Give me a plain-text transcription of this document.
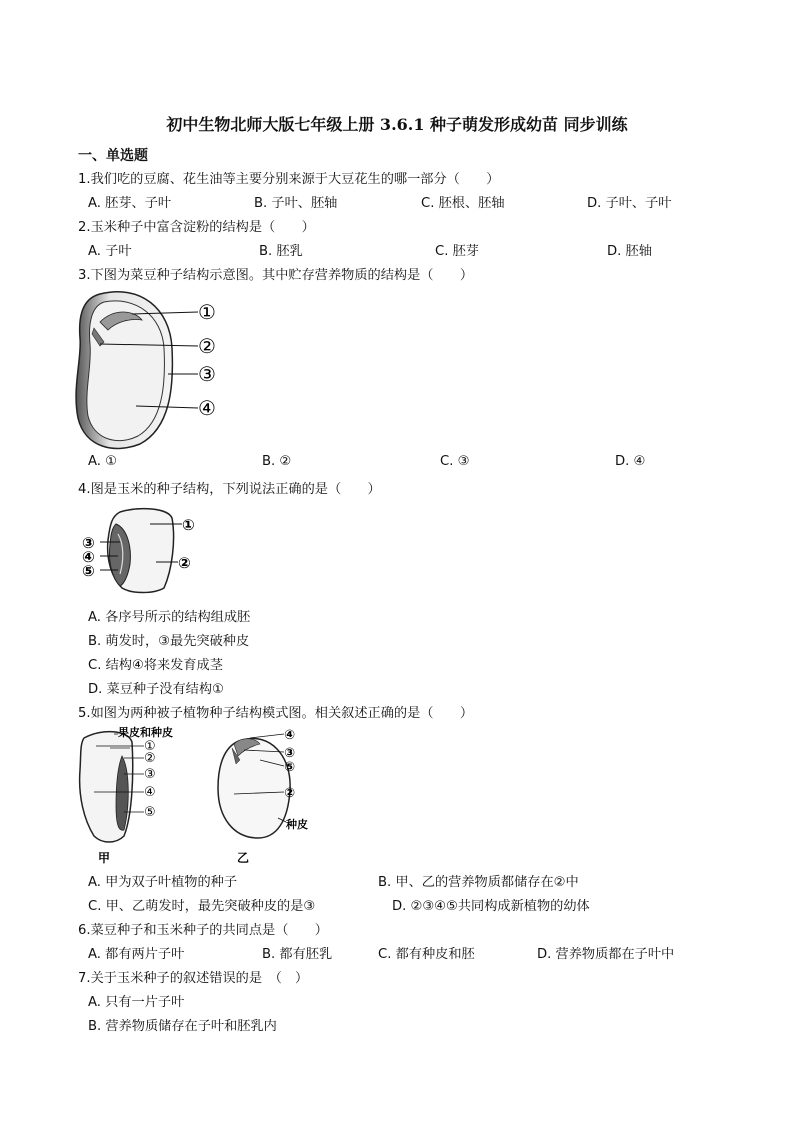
初中生物北师大版七年级上册 3.6.1 种子萌发形成幼苗 同步训练
一、单选题
1.我们吃的豆腐、花生油等主要分别来源于大豆花生的哪一部分（　　）
A. 胚芽、子叶	B. 子叶、胚轴	C. 胚根、胚轴	D. 子叶、子叶
2.玉米种子中富含淀粉的结构是（　　）
A. 子叶	B. 胚乳	C. 胚芽	D. 胚轴
3.下图为菜豆种子结构示意图。其中贮存营养物质的结构是（　　）
①
②
③
④
A. ①	B. ②	C. ③	D. ④
4.图是玉米的种子结构，下列说法正确的是（　　）
①
②
③
④
⑤
A. 各序号所示的结构组成胚
B. 萌发时，③最先突破种皮
C. 结构④将来发育成茎
D. 菜豆种子没有结构①
5.如图为两种被子植物种子结构模式图。相关叙述正确的是（　　）
果皮和种皮
①
②
③
④
⑤
甲
④
③
⑤
②
种皮
乙
A. 甲为双子叶植物的种子	B. 甲、乙的营养物质都储存在②中
C. 甲、乙萌发时，最先突破种皮的是③	D. ②③④⑤共同构成新植物的幼体
6.菜豆种子和玉米种子的共同点是（　　）
A. 都有两片子叶	B. 都有胚乳	C. 都有种皮和胚	D. 营养物质都在子叶中
7.关于玉米种子的叙述错误的是　（　）
A. 只有一片子叶
B. 营养物质储存在子叶和胚乳内
